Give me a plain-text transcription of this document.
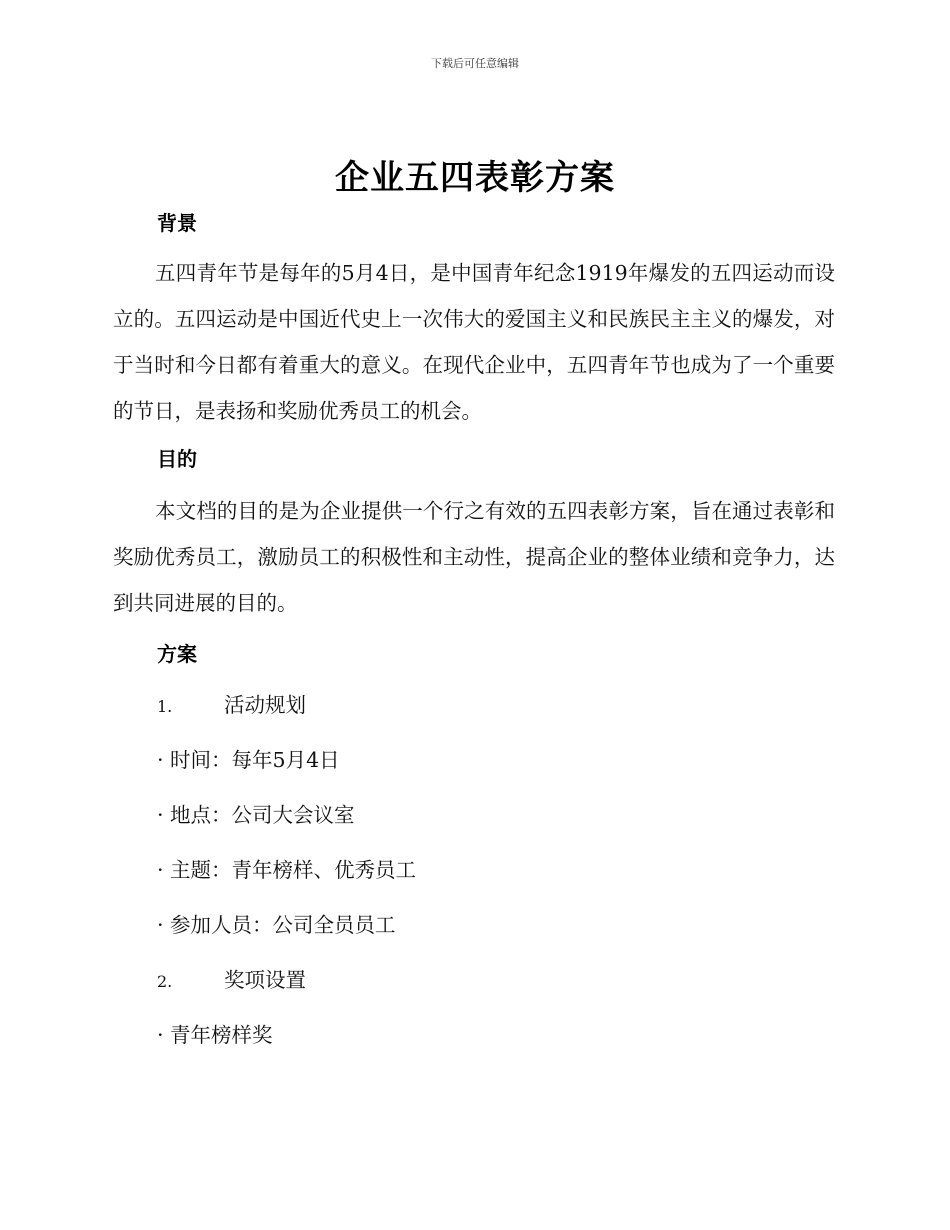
下载后可任意编辑
企业五四表彰方案
背景

五四青年节是每年的5月4日，是中国青年纪念1919年爆发的五四运动而设立的。五四运动是中国近代史上一次伟大的爱国主义和民族民主主义的爆发，对于当时和今日都有着重大的意义。在现代企业中，五四青年节也成为了一个重要的节日，是表扬和奖励优秀员工的机会。

目的

本文档的目的是为企业提供一个行之有效的五四表彰方案，旨在通过表彰和奖励优秀员工，激励员工的积极性和主动性，提高企业的整体业绩和竞争力，达到共同进展的目的。

方案
1.	活动规划
· 时间：每年5月4日
· 地点：公司大会议室
· 主题：青年榜样、优秀员工
· 参加人员：公司全员员工
2.	奖项设置
· 青年榜样奖
